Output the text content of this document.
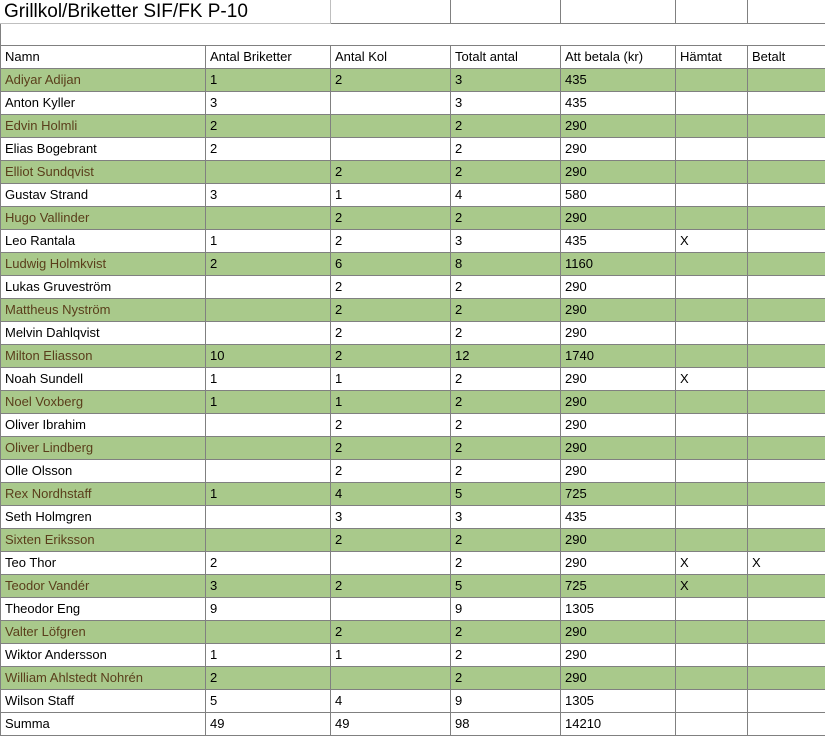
Grillkol/Briketter SIF/FK P-10						

Namn	Antal Briketter	Antal Kol	Totalt antal	Att betala (kr)	Hämtat	Betalt
Adiyar Adijan	1	2	3	435		
Anton Kyller	3		3	435		
Edvin Holmli	2		2	290		
Elias Bogebrant	2		2	290		
Elliot Sundqvist		2	2	290		
Gustav Strand	3	1	4	580		
Hugo Vallinder		2	2	290		
Leo Rantala	1	2	3	435	X	
Ludwig Holmkvist	2	6	8	1160		
Lukas Gruveström		2	2	290		
Mattheus Nyström		2	2	290		
Melvin Dahlqvist		2	2	290		
Milton Eliasson	10	2	12	1740		
Noah Sundell	1	1	2	290	X	
Noel Voxberg	1	1	2	290		
Oliver Ibrahim		2	2	290		
Oliver Lindberg		2	2	290		
Olle Olsson		2	2	290		
Rex Nordhstaff	1	4	5	725		
Seth Holmgren		3	3	435		
Sixten Eriksson		2	2	290		
Teo Thor	2		2	290	X	X
Teodor Vandér	3	2	5	725	X	
Theodor Eng	9		9	1305		
Valter Löfgren		2	2	290		
Wiktor Andersson	1	1	2	290		
William Ahlstedt Nohrén	2		2	290		
Wilson Staff	5	4	9	1305		
Summa	49	49	98	14210		
